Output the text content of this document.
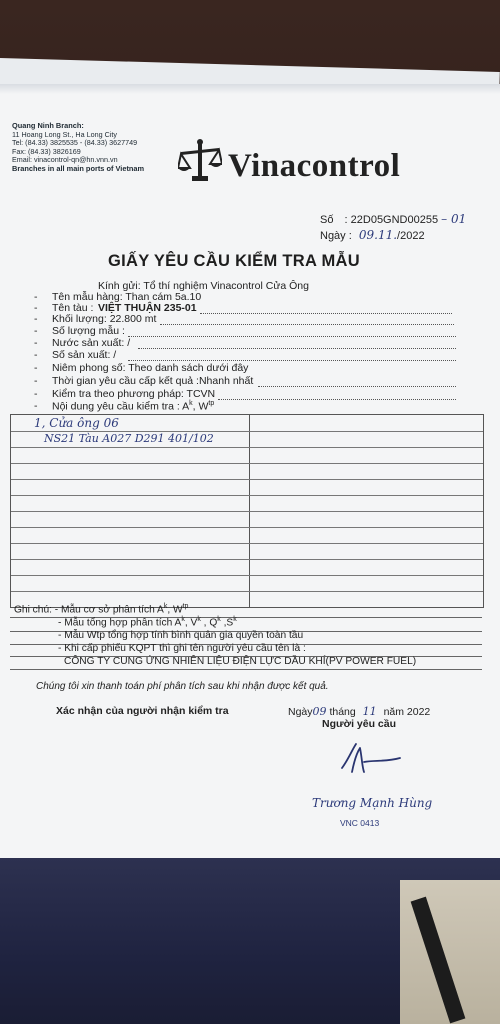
Quang Ninh Branch:
11 Hoang Long St., Ha Long City
Tel: (84.33) 3825535 - (84.33) 3627749
Fax: (84.33) 3826169
Email: vinacontrol-qn@hn.vnn.vn
Branches in all main ports of Vietnam	Vinacontrol
Số : 22D05GND00255 – 01
Ngày : 09.11./2022
GIẤY YÊU CẦU KIỂM TRA MẪU
Kính gửi: Tổ thí nghiệm Vinacontrol Cửa Ông
- Tên mẫu hàng: Than cám 5a.10
- Tên tàu : VIỆT THUẬN 235-01
- Khối lượng: 22.800 mt
- Số lượng mẫu :
- Nước sản xuất: /
- Số sản xuất: /
- Niêm phong số: Theo danh sách dưới đây
- Thời gian yêu cầu cấp kết quả :Nhanh nhất
- Kiểm tra theo phương pháp: TCVN
- Nội dung yêu cầu kiểm tra : $A^k$, $W^{tp}$
1, Cửa ông 06
NS21 Tàu A027 D291 401/102
Ghi chú: - Mẫu cơ sở phân tích $A^k$, $W^{tp}$
- Mẫu tổng hợp phân tích $A^k$, $V^k$ , $Q^k$ $,S^k$
- Mẫu Wtp tổng hợp tính bình quân gia quyền toàn tầu
- Khi cấp phiếu KQPT thì ghi tên người yêu cầu tên là :
CÔNG TY CUNG ỨNG NHIÊN LIỆU ĐIỆN LỰC DẦU KHÍ(PV POWER FUEL)
Chúng tôi xin thanh toán phí phân tích sau khi nhận được kết quả.
Xác nhận của người nhận kiểm tra	Ngày09 tháng 11 năm 2022
Người yêu cầu
Trương Mạnh Hùng
VNC 0413
